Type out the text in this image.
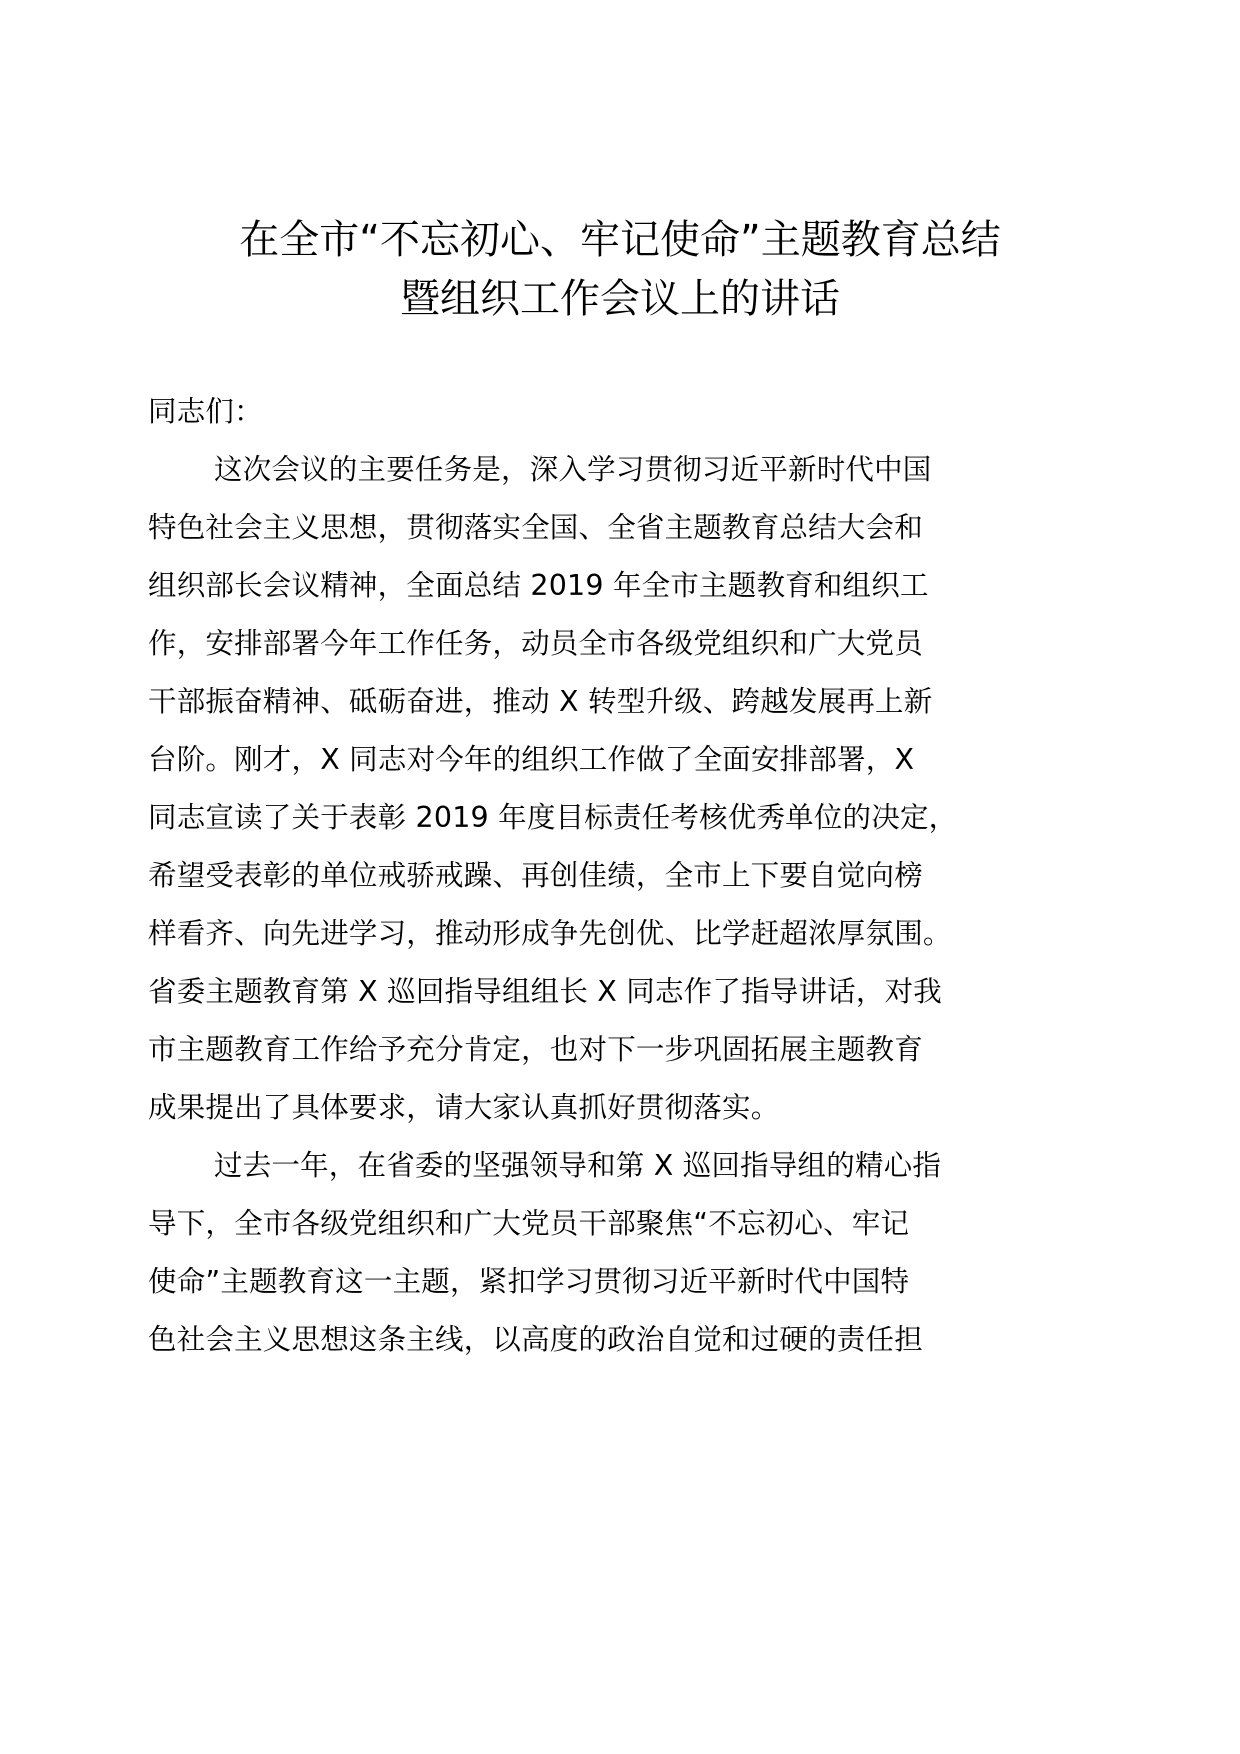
在全市“不忘初心、牢记使命”主题教育总结
暨组织工作会议上的讲话
同志们：
这次会议的主要任务是，深入学习贯彻习近平新时代中国
特色社会主义思想，贯彻落实全国、全省主题教育总结大会和
组织部长会议精神，全面总结 2019 年全市主题教育和组织工
作，安排部署今年工作任务，动员全市各级党组织和广大党员
干部振奋精神、砥砺奋进，推动 X 转型升级、跨越发展再上新
台阶。刚才，X 同志对今年的组织工作做了全面安排部署，X
同志宣读了关于表彰 2019 年度目标责任考核优秀单位的决定，
希望受表彰的单位戒骄戒躁、再创佳绩，全市上下要自觉向榜
样看齐、向先进学习，推动形成争先创优、比学赶超浓厚氛围。
省委主题教育第 X 巡回指导组组长 X 同志作了指导讲话，对我
市主题教育工作给予充分肯定，也对下一步巩固拓展主题教育
成果提出了具体要求，请大家认真抓好贯彻落实。
过去一年，在省委的坚强领导和第 X 巡回指导组的精心指
导下，全市各级党组织和广大党员干部聚焦“不忘初心、牢记
使命”主题教育这一主题，紧扣学习贯彻习近平新时代中国特
色社会主义思想这条主线，以高度的政治自觉和过硬的责任担
